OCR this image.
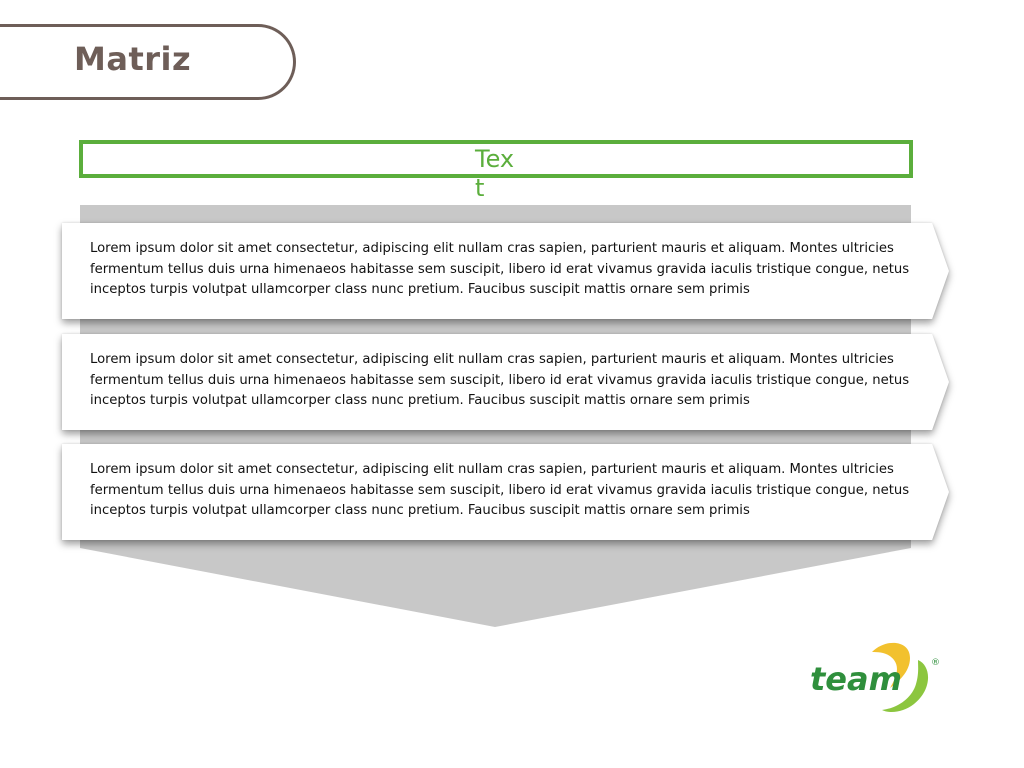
Matriz
Text
Lorem ipsum dolor sit amet consectetur, adipiscing elit nullam cras sapien, parturient mauris et aliquam. Montes ultricies fermentum tellus duis urna himenaeos habitasse sem suscipit, libero id erat vivamus gravida iaculis tristique congue, netus inceptos turpis volutpat ullamcorper class nunc pretium. Faucibus suscipit mattis ornare sem primis
Lorem ipsum dolor sit amet consectetur, adipiscing elit nullam cras sapien, parturient mauris et aliquam. Montes ultricies fermentum tellus duis urna himenaeos habitasse sem suscipit, libero id erat vivamus gravida iaculis tristique congue, netus inceptos turpis volutpat ullamcorper class nunc pretium. Faucibus suscipit mattis ornare sem primis
Lorem ipsum dolor sit amet consectetur, adipiscing elit nullam cras sapien, parturient mauris et aliquam. Montes ultricies fermentum tellus duis urna himenaeos habitasse sem suscipit, libero id erat vivamus gravida iaculis tristique congue, netus inceptos turpis volutpat ullamcorper class nunc pretium. Faucibus suscipit mattis ornare sem primis
team	®
